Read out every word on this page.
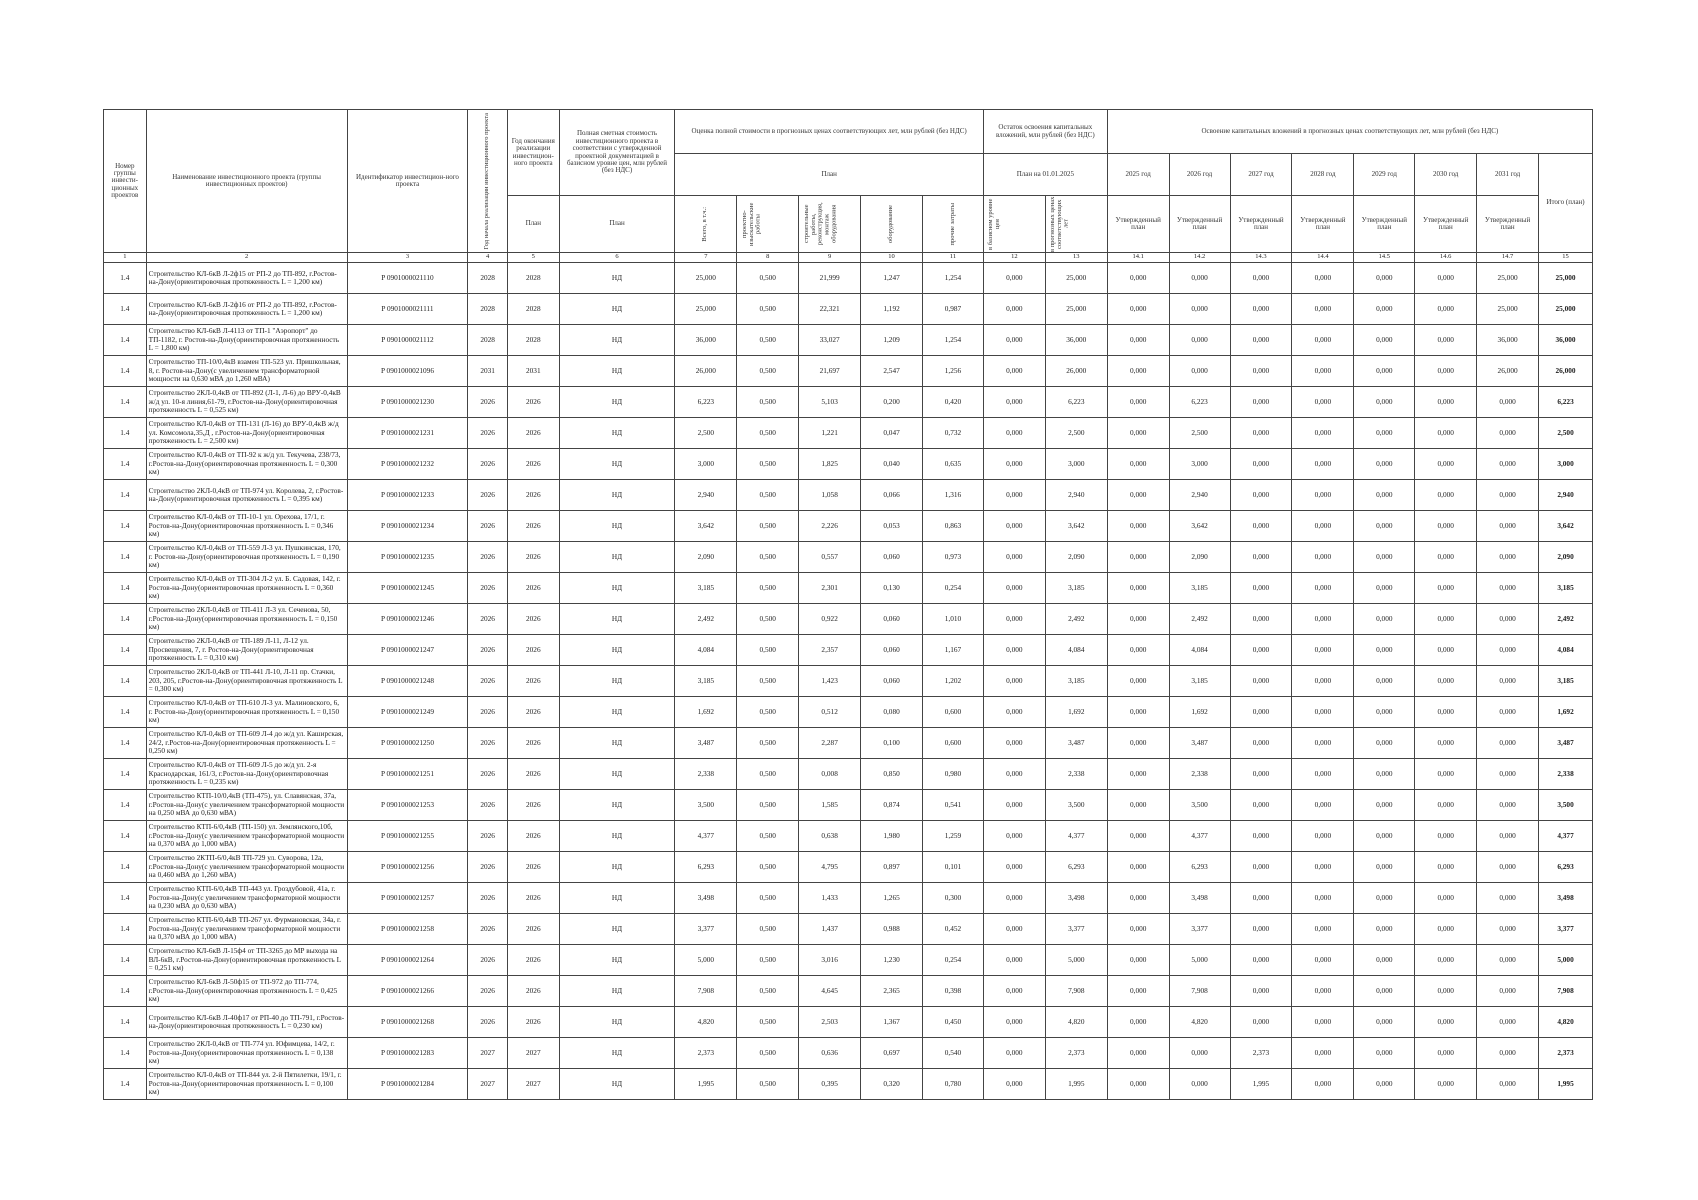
Номер группы инвести-ционных проектов	Наименование инвестиционного проекта (группы инвестиционных проектов)	Идентификатор инвестицион-ного проекта	Год начала реализации инвестиционного проекта	Год окончания реализации инвестицион-ного проекта	Полная сметная стоимость инвестиционного проекта в соответствии с утвержденной проектной документацией в базисном уровне цен, млн рублей (без НДС)	Оценка полной стоимости в прогнозных ценах соответствующих лет, млн рублей (без НДС)					Остаток освоения капитальных вложений, млн рублей (без НДС)		Освоение капитальных вложений в прогнозных ценах соответствующих лет, млн рублей (без НДС)							
						План					План на 01.01.2025		2025 год	2026 год	2027 год	2028 год	2029 год	2030 год	2031 год	Итого (план)
				План	План	Всего, в т.ч.:	проектно-изыскательские работы	строительные работы, реконструкция, монтаж оборудования	оборудование	прочие затраты	в базисном уровне цен	в прогнозных ценах соответствующих лет	Утвержденный план	Утвержденный план	Утвержденный план	Утвержденный план	Утвержденный план	Утвержденный план	Утвержденный план	
1	2	3	4	5	6	7	8	9	10	11	12	13	14.1	14.2	14.3	14.4	14.5	14.6	14.7	15
1.4	Строительство КЛ-6кВ Л-2ф15 от РП-2 до ТП-892, г.Ростов-на-Дону(ориентировочная протяженность L = 1,200 км)	P 0901000021110	2028	2028	НД	25,000	0,500	21,999	1,247	1,254	0,000	25,000	0,000	0,000	0,000	0,000	0,000	0,000	25,000	25,000
1.4	Строительство КЛ-6кВ Л-2ф16 от РП-2 до ТП-892, г.Ростов-на-Дону(ориентировочная протяженность L = 1,200 км)	P 0901000021111	2028	2028	НД	25,000	0,500	22,321	1,192	0,987	0,000	25,000	0,000	0,000	0,000	0,000	0,000	0,000	25,000	25,000
1.4	Строительство КЛ-6кВ Л-4113 от ТП-1 "Аэропорт" до ТП-1182, г. Ростов-на-Дону(ориентировочная протяженность L = 1,800 км)	P 0901000021112	2028	2028	НД	36,000	0,500	33,027	1,209	1,254	0,000	36,000	0,000	0,000	0,000	0,000	0,000	0,000	36,000	36,000
1.4	Строительство ТП-10/0,4кВ взамен ТП-523 ул. Пришкольная, 8, г. Ростов-на-Дону(с увеличением трансформаторной мощности на 0,630 мВА до 1,260 мВА)	P 0901000021096	2031	2031	НД	26,000	0,500	21,697	2,547	1,256	0,000	26,000	0,000	0,000	0,000	0,000	0,000	0,000	26,000	26,000
1.4	Строительство 2КЛ-0,4кВ от ТП-892 (Л-1, Л-6) до ВРУ-0,4кВ ж/д ул. 10-я линия,61-79, г.Ростов-на-Дону(ориентировочная протяженность L = 0,525 км)	P 0901000021230	2026	2026	НД	6,223	0,500	5,103	0,200	0,420	0,000	6,223	0,000	6,223	0,000	0,000	0,000	0,000	0,000	6,223
1.4	Строительство КЛ-0,4кВ от ТП-131 (Л-16) до ВРУ-0,4кВ ж/д ул. Комсомола,35,Д , г.Ростов-на-Дону(ориентировочная протяженность L = 2,500 км)	P 0901000021231	2026	2026	НД	2,500	0,500	1,221	0,047	0,732	0,000	2,500	0,000	2,500	0,000	0,000	0,000	0,000	0,000	2,500
1.4	Строительство КЛ-0,4кВ от ТП-92 к ж/д ул. Текучева, 238/73, г.Ростов-на-Дону(ориентировочная протяженность L = 0,300 км)	P 0901000021232	2026	2026	НД	3,000	0,500	1,825	0,040	0,635	0,000	3,000	0,000	3,000	0,000	0,000	0,000	0,000	0,000	3,000
1.4	Строительство 2КЛ-0,4кВ от ТП-974 ул. Королева, 2, г.Ростов-на-Дону(ориентировочная протяженность L = 0,395 км)	P 0901000021233	2026	2026	НД	2,940	0,500	1,058	0,066	1,316	0,000	2,940	0,000	2,940	0,000	0,000	0,000	0,000	0,000	2,940
1.4	Строительство КЛ-0,4кВ от ТП-10-1 ул. Орехова, 17/1, г. Ростов-на-Дону(ориентировочная протяженность L = 0,346 км)	P 0901000021234	2026	2026	НД	3,642	0,500	2,226	0,053	0,863	0,000	3,642	0,000	3,642	0,000	0,000	0,000	0,000	0,000	3,642
1.4	Строительство КЛ-0,4кВ от ТП-559 Л-3 ул. Пушкинская, 170, г. Ростов-на-Дону(ориентировочная протяженность L = 0,190 км)	P 0901000021235	2026	2026	НД	2,090	0,500	0,557	0,060	0,973	0,000	2,090	0,000	2,090	0,000	0,000	0,000	0,000	0,000	2,090
1.4	Строительство КЛ-0,4кВ от ТП-304 Л-2 ул. Б. Садовая, 142, г. Ростов-на-Дону(ориентировочная протяженность L = 0,360 км)	P 0901000021245	2026	2026	НД	3,185	0,500	2,301	0,130	0,254	0,000	3,185	0,000	3,185	0,000	0,000	0,000	0,000	0,000	3,185
1.4	Строительство 2КЛ-0,4кВ от ТП-411 Л-3 ул. Сеченова, 50, г.Ростов-на-Дону(ориентировочная протяженность L = 0,150 км)	P 0901000021246	2026	2026	НД	2,492	0,500	0,922	0,060	1,010	0,000	2,492	0,000	2,492	0,000	0,000	0,000	0,000	0,000	2,492
1.4	Строительство 2КЛ-0,4кВ от ТП-189 Л-11, Л-12 ул. Просвещения, 7, г. Ростов-на-Дону(ориентировочная протяженность L = 0,310 км)	P 0901000021247	2026	2026	НД	4,084	0,500	2,357	0,060	1,167	0,000	4,084	0,000	4,084	0,000	0,000	0,000	0,000	0,000	4,084
1.4	Строительство 2КЛ-0,4кВ от ТП-441 Л-10, Л-11 пр. Стачки, 203, 205, г.Ростов-на-Дону(ориентировочная протяженность L = 0,300 км)	P 0901000021248	2026	2026	НД	3,185	0,500	1,423	0,060	1,202	0,000	3,185	0,000	3,185	0,000	0,000	0,000	0,000	0,000	3,185
1.4	Строительство КЛ-0,4кВ от ТП-610 Л-3 ул. Малиновского, 6, г. Ростов-на-Дону(ориентировочная протяженность L = 0,150 км)	P 0901000021249	2026	2026	НД	1,692	0,500	0,512	0,080	0,600	0,000	1,692	0,000	1,692	0,000	0,000	0,000	0,000	0,000	1,692
1.4	Строительство КЛ-0,4кВ от ТП-609 Л-4 до ж/д ул. Каширская, 24/2, г.Ростов-на-Дону(ориентировочная протяженность L = 0,250 км)	P 0901000021250	2026	2026	НД	3,487	0,500	2,287	0,100	0,600	0,000	3,487	0,000	3,487	0,000	0,000	0,000	0,000	0,000	3,487
1.4	Строительство КЛ-0,4кВ от ТП-609 Л-5 до ж/д ул. 2-я Краснодарская, 161/3, г.Ростов-на-Дону(ориентировочная протяженность L = 0,235 км)	P 0901000021251	2026	2026	НД	2,338	0,500	0,008	0,850	0,980	0,000	2,338	0,000	2,338	0,000	0,000	0,000	0,000	0,000	2,338
1.4	Строительство КТП-10/0,4кВ (ТП-475), ул. Славянская, 37а, г.Ростов-на-Дону(с увеличением трансформаторной мощности на 0,250 мВА до 0,630 мВА)	P 0901000021253	2026	2026	НД	3,500	0,500	1,585	0,874	0,541	0,000	3,500	0,000	3,500	0,000	0,000	0,000	0,000	0,000	3,500
1.4	Строительство КТП-6/0,4кВ (ТП-150) ул. Землянского,10б, г.Ростов-на-Дону(с увеличением трансформаторной мощности на 0,370 мВА до 1,000 мВА)	P 0901000021255	2026	2026	НД	4,377	0,500	0,638	1,980	1,259	0,000	4,377	0,000	4,377	0,000	0,000	0,000	0,000	0,000	4,377
1.4	Строительство 2КТП-6/0,4кВ ТП-729 ул. Суворова, 12а, г.Ростов-на-Дону(с увеличением трансформаторной мощности на 0,460 мВА до 1,260 мВА)	P 0901000021256	2026	2026	НД	6,293	0,500	4,795	0,897	0,101	0,000	6,293	0,000	6,293	0,000	0,000	0,000	0,000	0,000	6,293
1.4	Строительство КТП-6/0,4кВ ТП-443 ул. Гроздубовой, 41а, г. Ростов-на-Дону(с увеличением трансформаторной мощности на 0,230 мВА до 0,630 мВА)	P 0901000021257	2026	2026	НД	3,498	0,500	1,433	1,265	0,300	0,000	3,498	0,000	3,498	0,000	0,000	0,000	0,000	0,000	3,498
1.4	Строительство КТП-6/0,4кВ ТП-267 ул. Фурмановская, 34а, г. Ростов-на-Дону(с увеличением трансформаторной мощности на 0,370 мВА до 1,000 мВА)	P 0901000021258	2026	2026	НД	3,377	0,500	1,437	0,988	0,452	0,000	3,377	0,000	3,377	0,000	0,000	0,000	0,000	0,000	3,377
1.4	Строительство КЛ-6кВ Л-15ф4 от ТП-3265 до МР выхода на ВЛ-6кВ, г.Ростов-на-Дону(ориентировочная протяженность L = 0,251 км)	P 0901000021264	2026	2026	НД	5,000	0,500	3,016	1,230	0,254	0,000	5,000	0,000	5,000	0,000	0,000	0,000	0,000	0,000	5,000
1.4	Строительство КЛ-6кВ Л-50ф15 от ТП-972 до ТП-774, г.Ростов-на-Дону(ориентировочная протяженность L = 0,425 км)	P 0901000021266	2026	2026	НД	7,908	0,500	4,645	2,365	0,398	0,000	7,908	0,000	7,908	0,000	0,000	0,000	0,000	0,000	7,908
1.4	Строительство КЛ-6кВ Л-40ф17 от РП-40 до ТП-791, г.Ростов-на-Дону(ориентировочная протяженность L = 0,230 км)	P 0901000021268	2026	2026	НД	4,820	0,500	2,503	1,367	0,450	0,000	4,820	0,000	4,820	0,000	0,000	0,000	0,000	0,000	4,820
1.4	Строительство 2КЛ-0,4кВ от ТП-774 ул. Юфимцева, 14/2, г. Ростов-на-Дону(ориентировочная протяженность L = 0,138 км)	P 0901000021283	2027	2027	НД	2,373	0,500	0,636	0,697	0,540	0,000	2,373	0,000	0,000	2,373	0,000	0,000	0,000	0,000	2,373
1.4	Строительство КЛ-0,4кВ от ТП-844 ул. 2-й Пятилетки, 19/1, г. Ростов-на-Дону(ориентировочная протяженность L = 0,100 км)	P 0901000021284	2027	2027	НД	1,995	0,500	0,395	0,320	0,780	0,000	1,995	0,000	0,000	1,995	0,000	0,000	0,000	0,000	1,995
